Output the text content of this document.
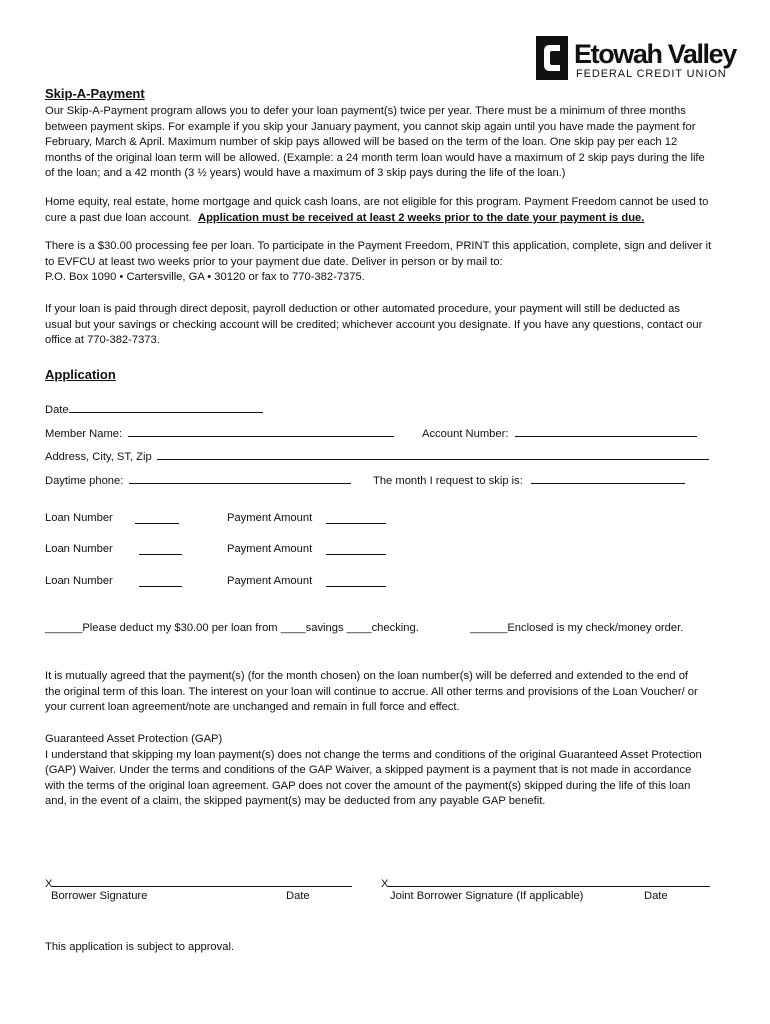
Etowah Valley
FEDERAL CREDIT UNION
Skip-A-Payment
Our Skip-A-Payment program allows you to defer your loan payment(s) twice per year. There must be a minimum of three months
between payment skips. For example if you skip your January payment, you cannot skip again until you have made the payment for
February, March & April. Maximum number of skip pays allowed will be based on the term of the loan. One skip pay per each 12
months of the original loan term will be allowed. (Example: a 24 month term loan would have a maximum of 2 skip pays during the life
of the loan; and a 42 month (3 ½ years) would have a maximum of 3 skip pays during the life of the loan.)
Home equity, real estate, home mortgage and quick cash loans, are not eligible for this program. Payment Freedom cannot be used to
cure a past due loan account.  Application must be received at least 2 weeks prior to the date your payment is due.
There is a $30.00 processing fee per loan. To participate in the Payment Freedom, PRINT this application, complete, sign and deliver it
to EVFCU at least two weeks prior to your payment due date. Deliver in person or by mail to:
P.O. Box 1090 • Cartersville, GA • 30120 or fax to 770-382-7375.
If your loan is paid through direct deposit, payroll deduction or other automated procedure, your payment will still be deducted as
usual but your savings or checking account will be credited; whichever account you designate. If you have any questions, contact our
office at 770-382-7373.
Application
Date
Member Name:	Account Number:
Address, City, ST, Zip
Daytime phone:	The month I request to skip is:
Loan Number	Payment Amount
Loan Number	Payment Amount
Loan Number	Payment Amount
______Please deduct my $30.00 per loan from ____savings ____checking.	______Enclosed is my check/money order.
It is mutually agreed that the payment(s) (for the month chosen) on the loan number(s) will be deferred and extended to the end of
the original term of this loan. The interest on your loan will continue to accrue. All other terms and provisions of the Loan Voucher/ or
your current loan agreement/note are unchanged and remain in full force and effect.
Guaranteed Asset Protection (GAP)
I understand that skipping my loan payment(s) does not change the terms and conditions of the original Guaranteed Asset Protection
(GAP) Waiver. Under the terms and conditions of the GAP Waiver, a skipped payment is a payment that is not made in accordance
with the terms of the original loan agreement. GAP does not cover the amount of the payment(s) skipped during the life of this loan
and, in the event of a claim, the skipped payment(s) may be deducted from any payable GAP benefit.
X
Borrower Signature	Date
X
Joint Borrower Signature (If applicable)	Date
This application is subject to approval.
